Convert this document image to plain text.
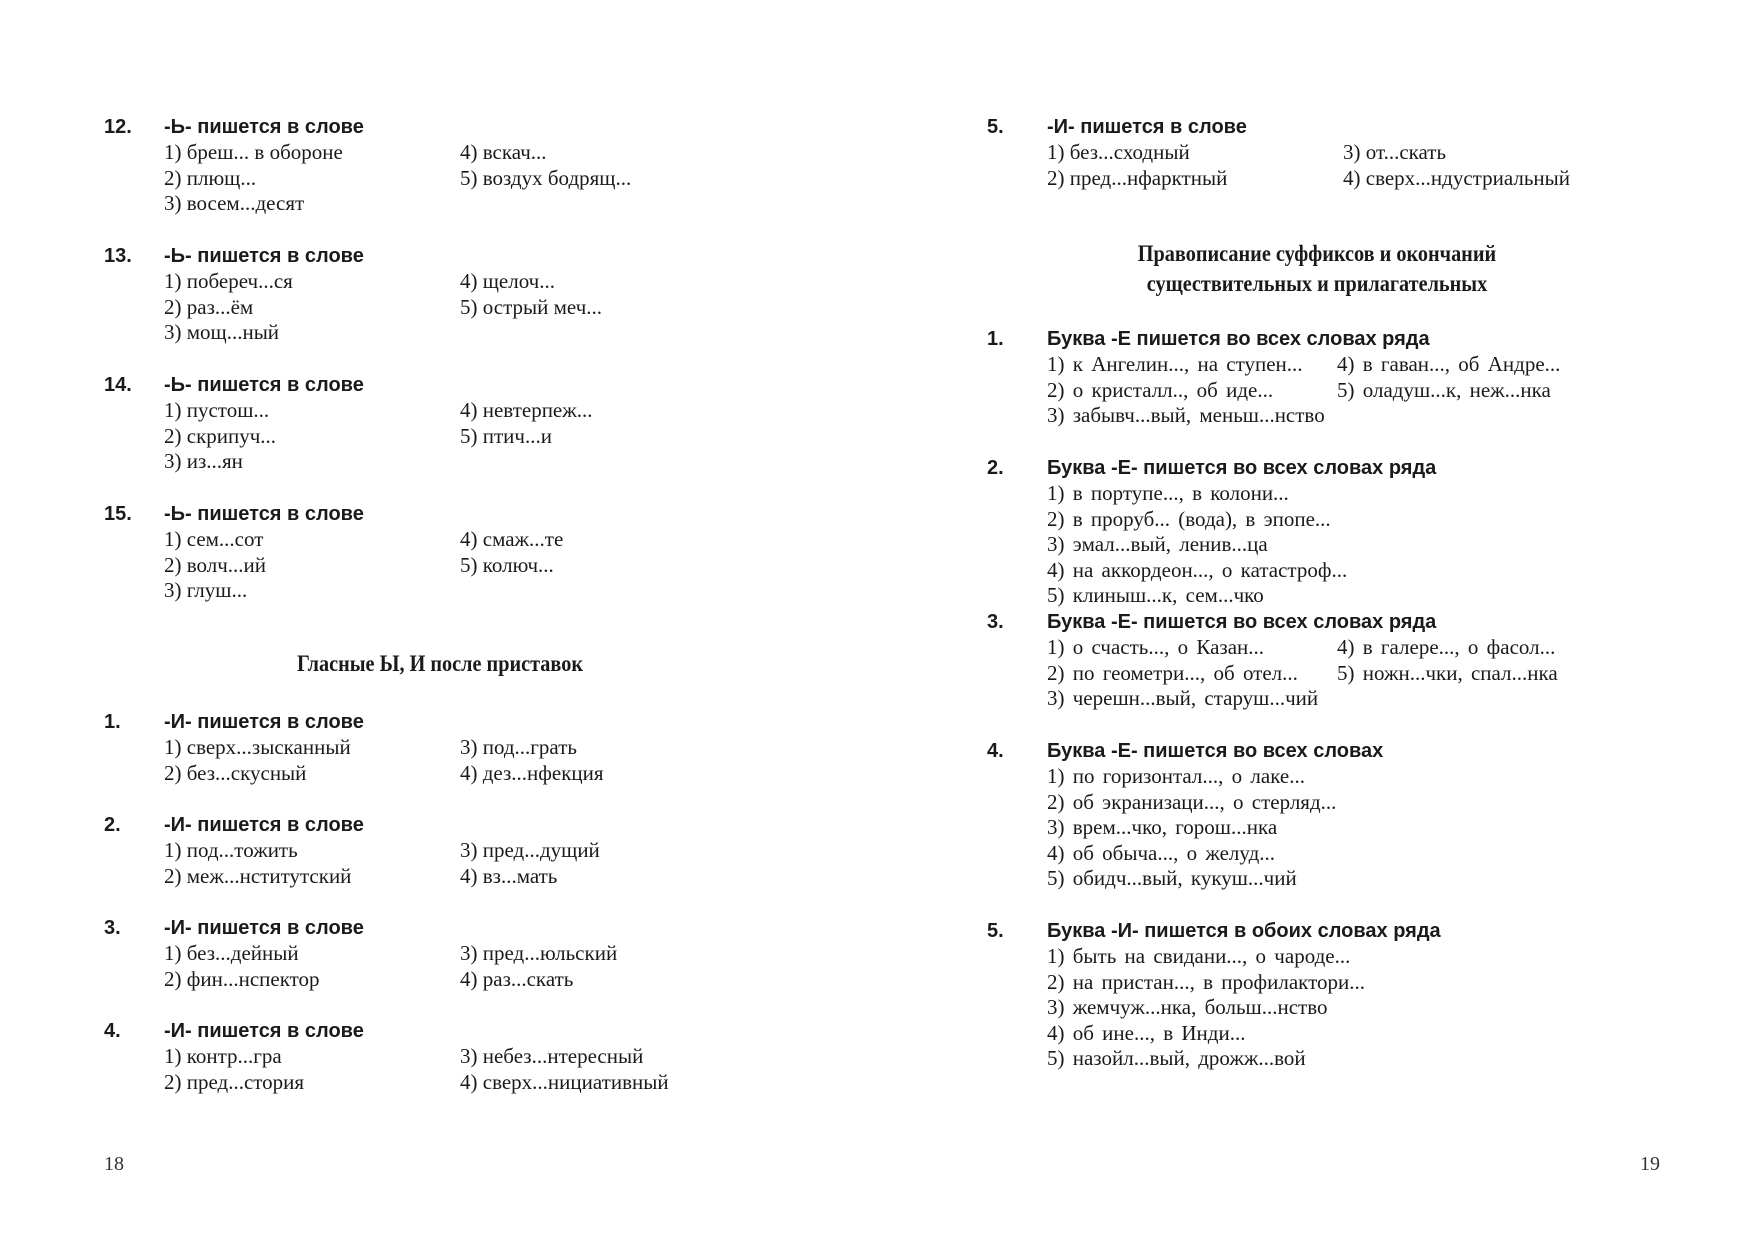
12. -Ь- пишется в слове
1) бреш... в обороне
2) плющ...
3) восем...десят
4) вскач...
5) воздух бодрящ...
13. -Ь- пишется в слове
1) побереч...ся
2) раз...ём
3) мощ...ный
4) щелоч...
5) острый меч...
14. -Ь- пишется в слове
1) пустош...
2) скрипуч...
3) из...ян
4) невтерпеж...
5) птич...и
15. -Ь- пишется в слове
1) сем...сот
2) волч...ий
3) глуш...
4) смаж...те
5) колюч...
Гласные Ы, И после приставок
1. -И- пишется в слове
1) сверх...зысканный
2) без...скусный
3) под...грать
4) дез...нфекция
2. -И- пишется в слове
1) под...тожить
2) меж...нститутский
3) пред...дущий
4) вз...мать
3. -И- пишется в слове
1) без...дейный
2) фин...нспектор
3) пред...юльский
4) раз...скать
4. -И- пишется в слове
1) контр...гра
2) пред...стория
3) небез...нтересный
4) сверх...нициативный
18
5. -И- пишется в слове
1) без...сходный
2) пред...нфарктный
3) от...скать
4) сверх...ндустриальный
Правописание суффиксов и окончаний
существительных и прилагательных
1. Буква -Е пишется во всех словах ряда
1) к Ангелин..., на ступен... 4) в гаван..., об Андре...
2) о кристалл.., об иде...	5) оладуш...к, неж...нка
3) забывч...вый, меньш...нство
2. Буква -Е- пишется во всех словах ряда
1) в портупе..., в колони...
2) в проруб... (вода), в эпопе...
3) эмал...вый, ленив...ца
4) на аккордеон..., о катастроф...
5) клиныш...к, сем...чко
3. Буква -Е- пишется во всех словах ряда
1) о счасть..., о Казан...	4) в галере..., о фасол...
2) по геометри..., об отел... 5) ножн...чки, спал...нка
3) черешн...вый, старуш...чий
4. Буква -Е- пишется во всех словах
1) по горизонтал..., о лаке...
2) об экранизаци..., о стерляд...
3) врем...чко, горош...нка
4) об обыча..., о желуд...
5) обидч...вый, кукуш...чий
5. Буква -И- пишется в обоих словах ряда
1) быть на свидани..., о чароде...
2) на пристан..., в профилактори...
3) жемчуж...нка, больш...нство
4) об ине..., в Инди...
5) назойл...вый, дрожж...вой
19
